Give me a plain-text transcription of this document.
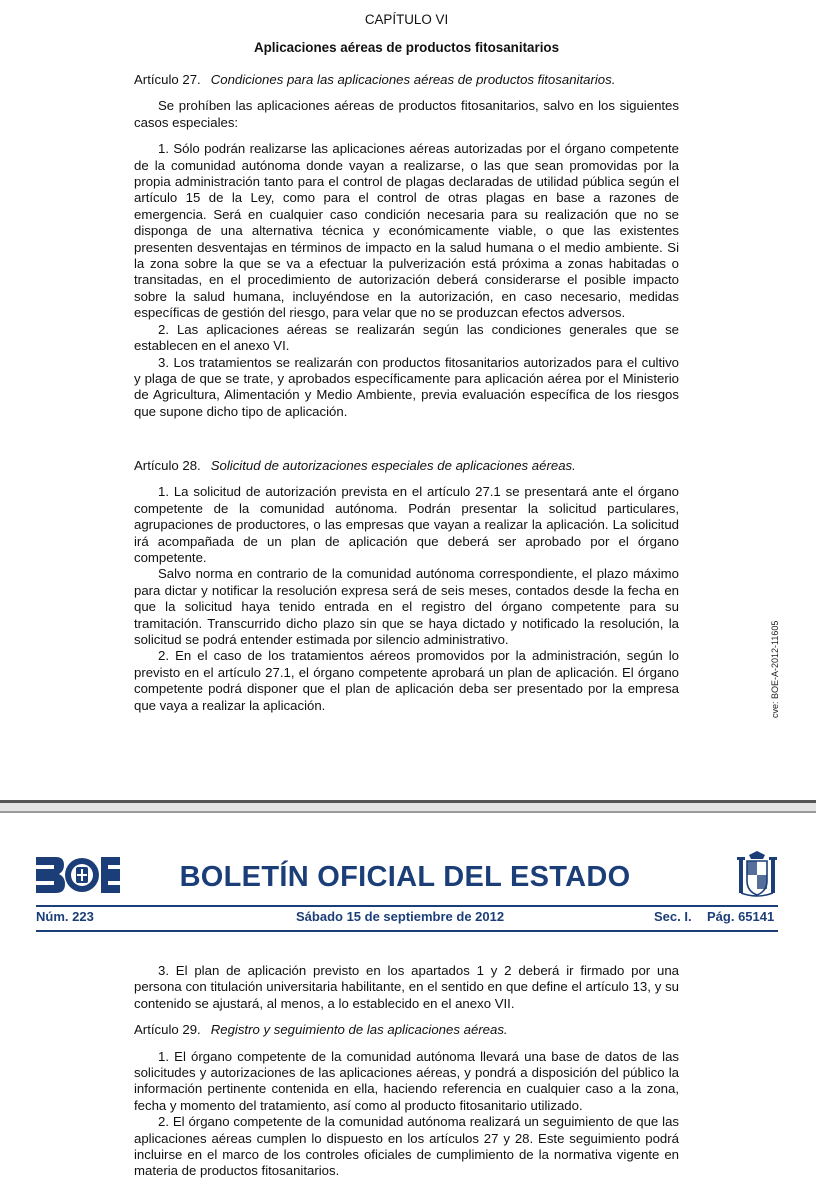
CAPÍTULO VI
Aplicaciones aéreas de productos fitosanitarios

Artículo 27. Condiciones para las aplicaciones aéreas de productos fitosanitarios.

Se prohíben las aplicaciones aéreas de productos fitosanitarios, salvo en los siguientes casos especiales:

1. Sólo podrán realizarse las aplicaciones aéreas autorizadas por el órgano competente de la comunidad autónoma donde vayan a realizarse, o las que sean promovidas por la propia administración tanto para el control de plagas declaradas de utilidad pública según el artículo 15 de la Ley, como para el control de otras plagas en base a razones de emergencia. Será en cualquier caso condición necesaria para su realización que no se disponga de una alternativa técnica y económicamente viable, o que las existentes presenten desventajas en términos de impacto en la salud humana o el medio ambiente. Si la zona sobre la que se va a efectuar la pulverización está próxima a zonas habitadas o transitadas, en el procedimiento de autorización deberá considerarse el posible impacto sobre la salud humana, incluyéndose en la autorización, en caso necesario, medidas específicas de gestión del riesgo, para velar que no se produzcan efectos adversos.

2. Las aplicaciones aéreas se realizarán según las condiciones generales que se establecen en el anexo VI.

3. Los tratamientos se realizarán con productos fitosanitarios autorizados para el cultivo y plaga de que se trate, y aprobados específicamente para aplicación aérea por el Ministerio de Agricultura, Alimentación y Medio Ambiente, previa evaluación específica de los riesgos que supone dicho tipo de aplicación.

Artículo 28. Solicitud de autorizaciones especiales de aplicaciones aéreas.

1. La solicitud de autorización prevista en el artículo 27.1 se presentará ante el órgano competente de la comunidad autónoma. Podrán presentar la solicitud particulares, agrupaciones de productores, o las empresas que vayan a realizar la aplicación. La solicitud irá acompañada de un plan de aplicación que deberá ser aprobado por el órgano competente.

Salvo norma en contrario de la comunidad autónoma correspondiente, el plazo máximo para dictar y notificar la resolución expresa será de seis meses, contados desde la fecha en que la solicitud haya tenido entrada en el registro del órgano competente para su tramitación. Transcurrido dicho plazo sin que se haya dictado y notificado la resolución, la solicitud se podrá entender estimada por silencio administrativo.

2. En el caso de los tratamientos aéreos promovidos por la administración, según lo previsto en el artículo 27.1, el órgano competente aprobará un plan de aplicación. El órgano competente podrá disponer que el plan de aplicación deba ser presentado por la empresa que vaya a realizar la aplicación.	cve: BOE-A-2012-11605
BOLETÍN OFICIAL DEL ESTADO
Núm. 223	Sábado 15 de septiembre de 2012	Sec. I. Pág. 65141

3. El plan de aplicación previsto en los apartados 1 y 2 deberá ir firmado por una persona con titulación universitaria habilitante, en el sentido en que define el artículo 13, y su contenido se ajustará, al menos, a lo establecido en el anexo VII.

Artículo 29. Registro y seguimiento de las aplicaciones aéreas.

1. El órgano competente de la comunidad autónoma llevará una base de datos de las solicitudes y autorizaciones de las aplicaciones aéreas, y pondrá a disposición del público la información pertinente contenida en ella, haciendo referencia en cualquier caso a la zona, fecha y momento del tratamiento, así como al producto fitosanitario utilizado.

2. El órgano competente de la comunidad autónoma realizará un seguimiento de que las aplicaciones aéreas cumplen lo dispuesto en los artículos 27 y 28. Este seguimiento podrá incluirse en el marco de los controles oficiales de cumplimiento de la normativa vigente en materia de productos fitosanitarios.
